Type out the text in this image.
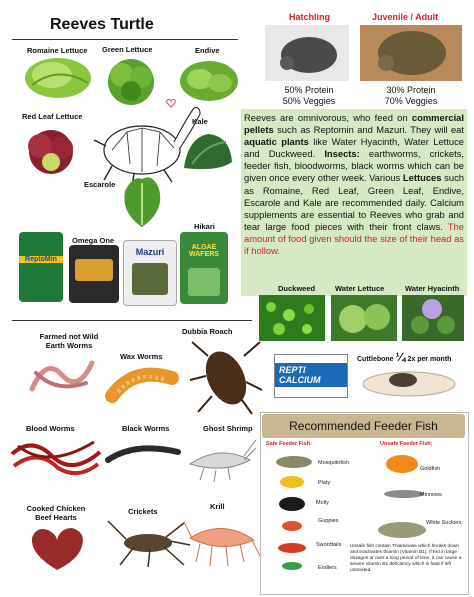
Reeves Turtle
Romaine Lettuce Green Lettuce	Endive
Red Leaf Lettuce
Kale
Escarole
Omega One
Hikari
ReptoMin
Mazuri	ALGAE WAFERS
Hatchling	Juvenile / Adult
50% Protein
50% Veggies
30% Protein
70% Veggies
Reeves are omnivorous, who feed on commercial pellets such as Reptomin and Mazuri. They will eat aquatic plants like Water Hyacinth, Water Lettuce and Duckweed. Insects: earthworms, crickets, feeder fish, bloodworms, black worms which can be given once every other week. Various Lettuces such as Romaine, Red Leaf, Green Leaf, Endive, Escarole and Kale are recommended daily. Calcium supplements are essential to Reeves who grab and tear large food pieces with their front claws. The amount of food given should the size of their head as if hollow.
Duckweed	Water Lettuce	Water Hyacinth
Farmed not Wild Earth Worms
Wax Worms
Dubbia Roach
Blood Worms	Black Worms	Ghost Shrimp
Cooked Chicken Beef Hearts
Crickets
Krill
REPTI CALCIUM
Cuttlebone ¼ 2x per month
Recommended Feeder Fish
Safe Feeder Fish:	Unsafe Feeder Fish:
Mosquitofish
Platy
Molly
Guppies
Swordtails
Endlers
Goldfish
Minnows
White Suckers
Unsafe fish contain Thiaminase which breaks down and inactivates thiamin (Vitamin B1). If fed in large dosages or over a long period of time, it can cause a severe vitamin B1 deficiency which is fatal if left untreated.
